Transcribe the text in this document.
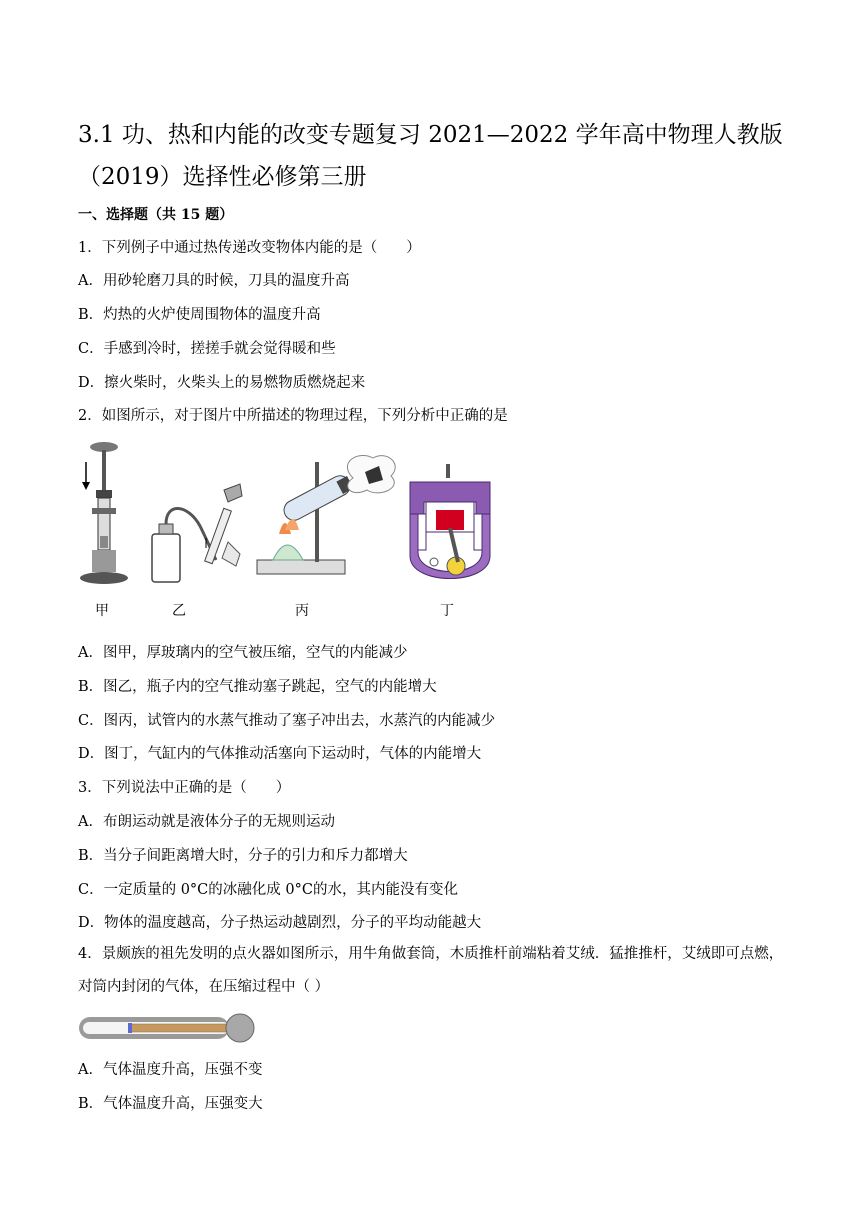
3.1 功、热和内能的改变专题复习 2021—2022 学年高中物理人教版（2019）选择性必修第三册
一、选择题（共 15 题）
1．下列例子中通过热传递改变物体内能的是（　　）
A．用砂轮磨刀具的时候，刀具的温度升高
B．灼热的火炉使周围物体的温度升高
C．手感到冷时，搓搓手就会觉得暖和些
D．擦火柴时，火柴头上的易燃物质燃烧起来
2．如图所示，对于图片中所描述的物理过程，下列分析中正确的是
甲	乙	丙	丁
A．图甲，厚玻璃内的空气被压缩，空气的内能减少
B．图乙，瓶子内的空气推动塞子跳起，空气的内能增大
C．图丙，试管内的水蒸气推动了塞子冲出去，水蒸汽的内能减少
D．图丁，气缸内的气体推动活塞向下运动时，气体的内能增大
3．下列说法中正确的是（　　）
A．布朗运动就是液体分子的无规则运动
B．当分子间距离增大时，分子的引力和斥力都增大
C．一定质量的 0°C的冰融化成 0°C的水，其内能没有变化
D．物体的温度越高，分子热运动越剧烈，分子的平均动能越大
4．景颇族的祖先发明的点火器如图所示，用牛角做套筒，木质推杆前端粘着艾绒．猛推推杆，艾绒即可点燃，对筒内封闭的气体，在压缩过程中（ ）
A．气体温度升高，压强不变
B．气体温度升高，压强变大
